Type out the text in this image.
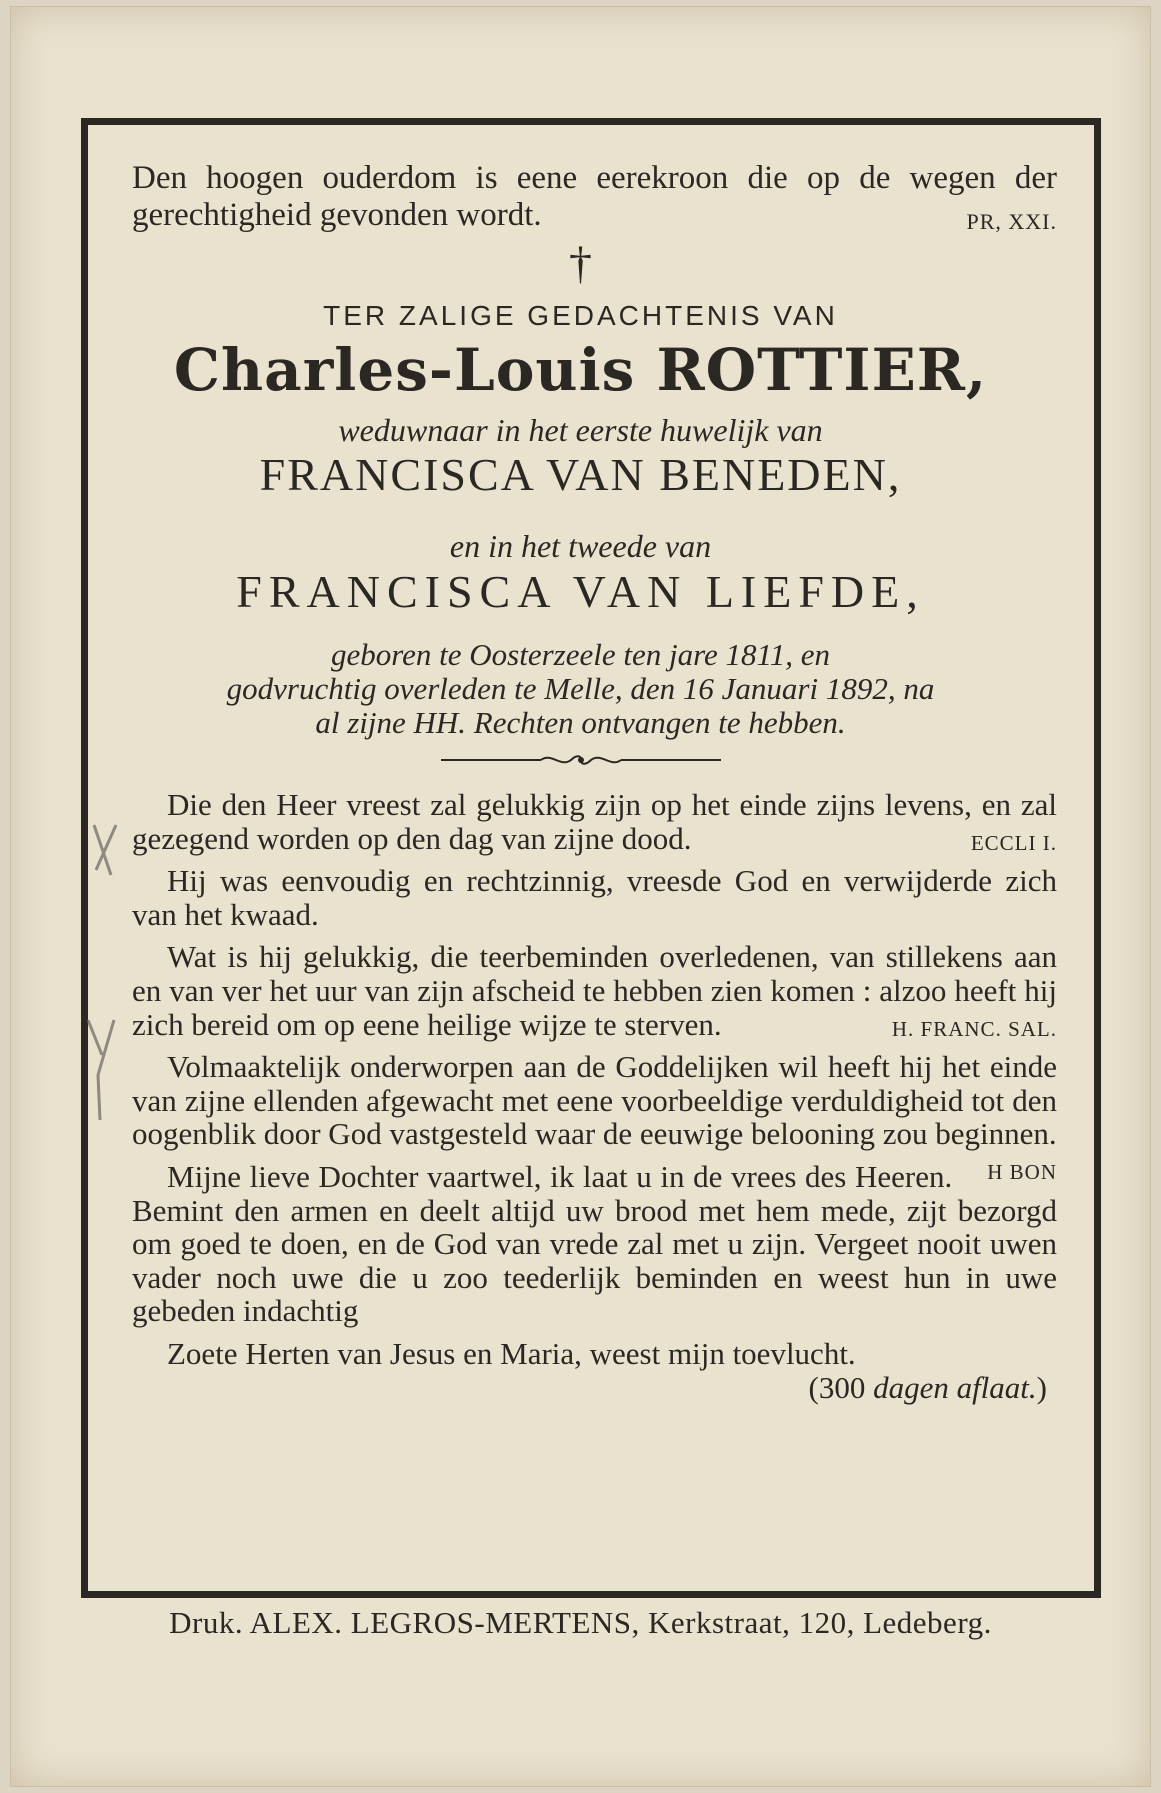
Den hoogen ouderdom is eene eerekroon die op de wegen der gerechtigheid gevonden wordt.	PR, XXI.
†
TER ZALIGE GEDACHTENIS VAN
Charles-Louis ROTTIER,
weduwnaar in het eerste huwelijk van
FRANCISCA VAN BENEDEN,
en in het tweede van
FRANCISCA VAN LIEFDE,
geboren te Oosterzeele ten jare 1811, en
godvruchtig overleden te Melle, den 16 Januari 1892, na
al zijne HH. Rechten ontvangen te hebben.
Die den Heer vreest zal gelukkig zijn op het einde zijns levens, en zal gezegend worden op den dag van zijne dood.	ECCLI I.
Hij was eenvoudig en rechtzinnig, vreesde God en verwijderde zich van het kwaad.
Wat is hij gelukkig, die teerbeminden overledenen, van stillekens aan en van ver het uur van zijn afscheid te hebben zien komen : alzoo heeft hij zich bereid om op eene heilige wijze te sterven.	H. FRANC. SAL.
Volmaaktelijk onderworpen aan de Goddelijken wil heeft hij het einde van zijne ellenden afgewacht met eene voorbeeldige verduldigheid tot den oogenblik door God vastgesteld waar de eeuwige belooning zou beginnen.
H BON
Mijne lieve Dochter vaartwel, ik laat u in de vrees des Heeren. Bemint den armen en deelt altijd uw brood met hem mede, zijt bezorgd om goed te doen, en de God van vrede zal met u zijn. Vergeet nooit uwen vader noch uwe die u zoo teederlijk beminden en weest hun in uwe gebeden indachtig
Zoete Herten van Jesus en Maria, weest mijn toevlucht.
(300 dagen aflaat.)
Druk. ALEX. LEGROS-MERTENS, Kerkstraat, 120, Ledeberg.
